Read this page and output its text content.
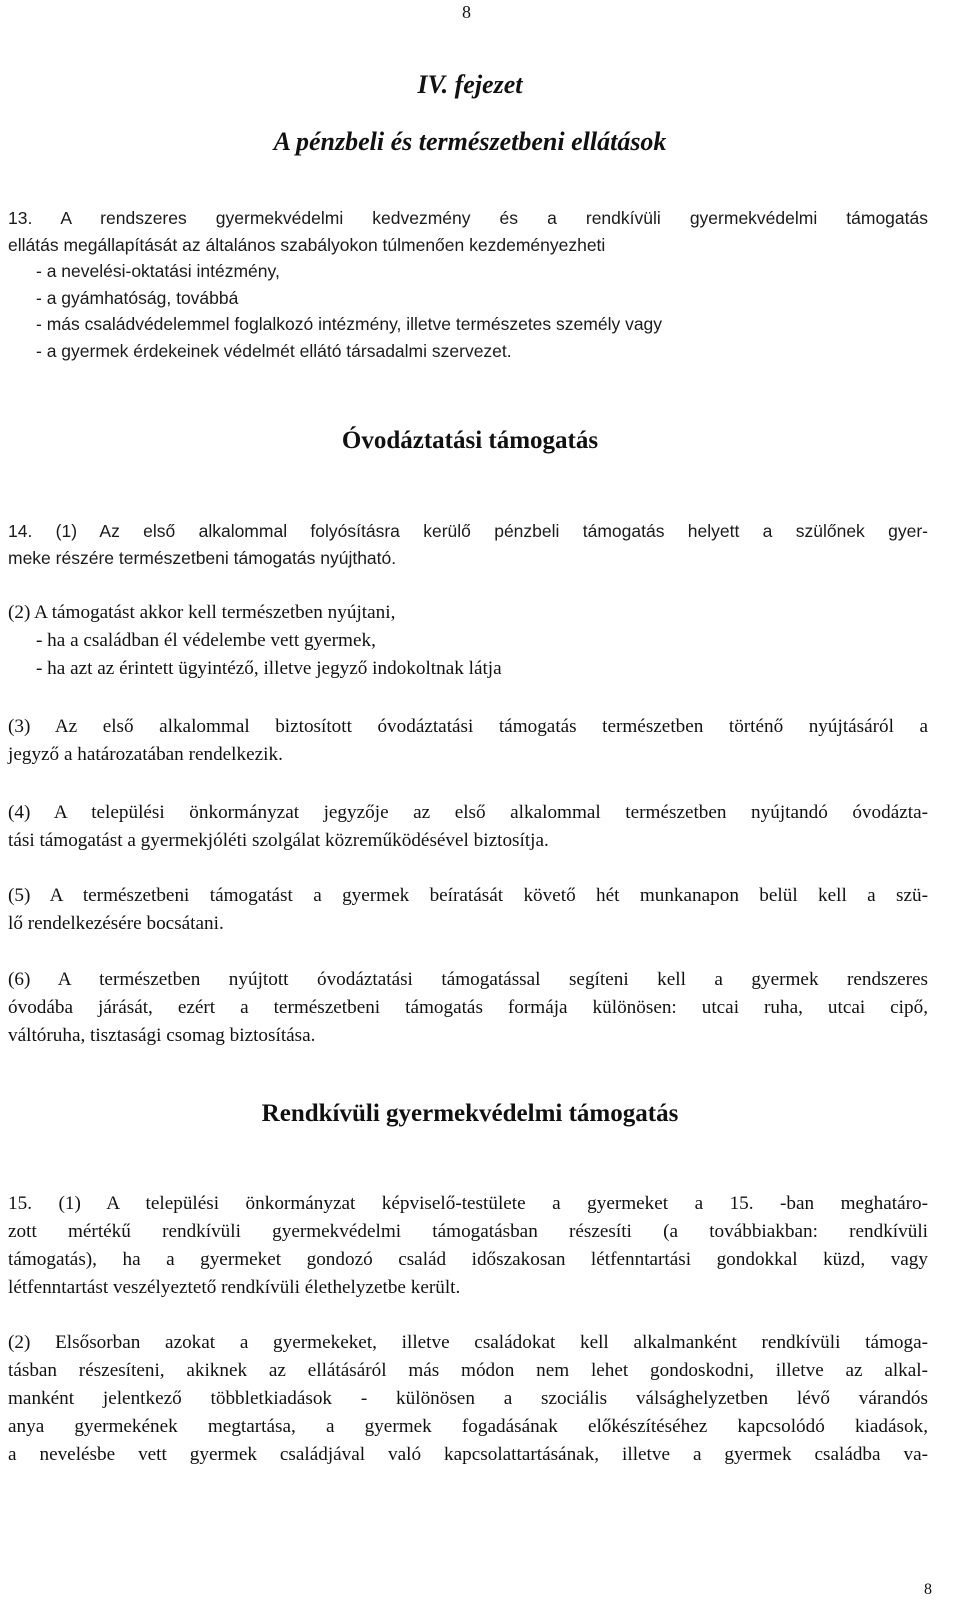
8
IV. fejezet
A pénzbeli és természetbeni ellátások
13. A rendszeres gyermekvédelmi kedvezmény és a rendkívüli gyermekvédelmi támogatás
ellátás megállapítását az általános szabályokon túlmenően kezdeményezheti
- a nevelési-oktatási intézmény,
- a gyámhatóság, továbbá
- más családvédelemmel foglalkozó intézmény, illetve természetes személy vagy
- a gyermek érdekeinek védelmét ellátó társadalmi szervezet.
Óvodáztatási támogatás
14. (1) Az első alkalommal folyósításra kerülő pénzbeli támogatás helyett a szülőnek gyer-
meke részére természetbeni támogatás nyújtható.
(2) A támogatást akkor kell természetben nyújtani,
- ha a családban él védelembe vett gyermek,
- ha azt az érintett ügyintéző, illetve jegyző indokoltnak látja
(3) Az első alkalommal biztosított óvodáztatási támogatás természetben történő nyújtásáról a
jegyző a határozatában rendelkezik.
(4) A települési önkormányzat jegyzője az első alkalommal természetben nyújtandó óvodázta-
tási támogatást a gyermekjóléti szolgálat közreműködésével biztosítja.
(5) A természetbeni támogatást a gyermek beíratását követő hét munkanapon belül kell a szü-
lő rendelkezésére bocsátani.
(6) A természetben nyújtott óvodáztatási támogatással segíteni kell a gyermek rendszeres
óvodába járását, ezért a természetbeni támogatás formája különösen: utcai ruha, utcai cipő,
váltóruha, tisztasági csomag biztosítása.
Rendkívüli gyermekvédelmi támogatás
15. (1) A települési önkormányzat képviselő-testülete a gyermeket a 15. -ban meghatáro-
zott mértékű rendkívüli gyermekvédelmi támogatásban részesíti (a továbbiakban: rendkívüli
támogatás), ha a gyermeket gondozó család időszakosan létfenntartási gondokkal küzd, vagy
létfenntartást veszélyeztető rendkívüli élethelyzetbe került.
(2) Elsősorban azokat a gyermekeket, illetve családokat kell alkalmanként rendkívüli támoga-
tásban részesíteni, akiknek az ellátásáról más módon nem lehet gondoskodni, illetve az alkal-
manként jelentkező többletkiadások - különösen a szociális válsághelyzetben lévő várandós
anya gyermekének megtartása, a gyermek fogadásának előkészítéséhez kapcsolódó kiadások,
a nevelésbe vett gyermek családjával való kapcsolattartásának, illetve a gyermek családba va-
8
